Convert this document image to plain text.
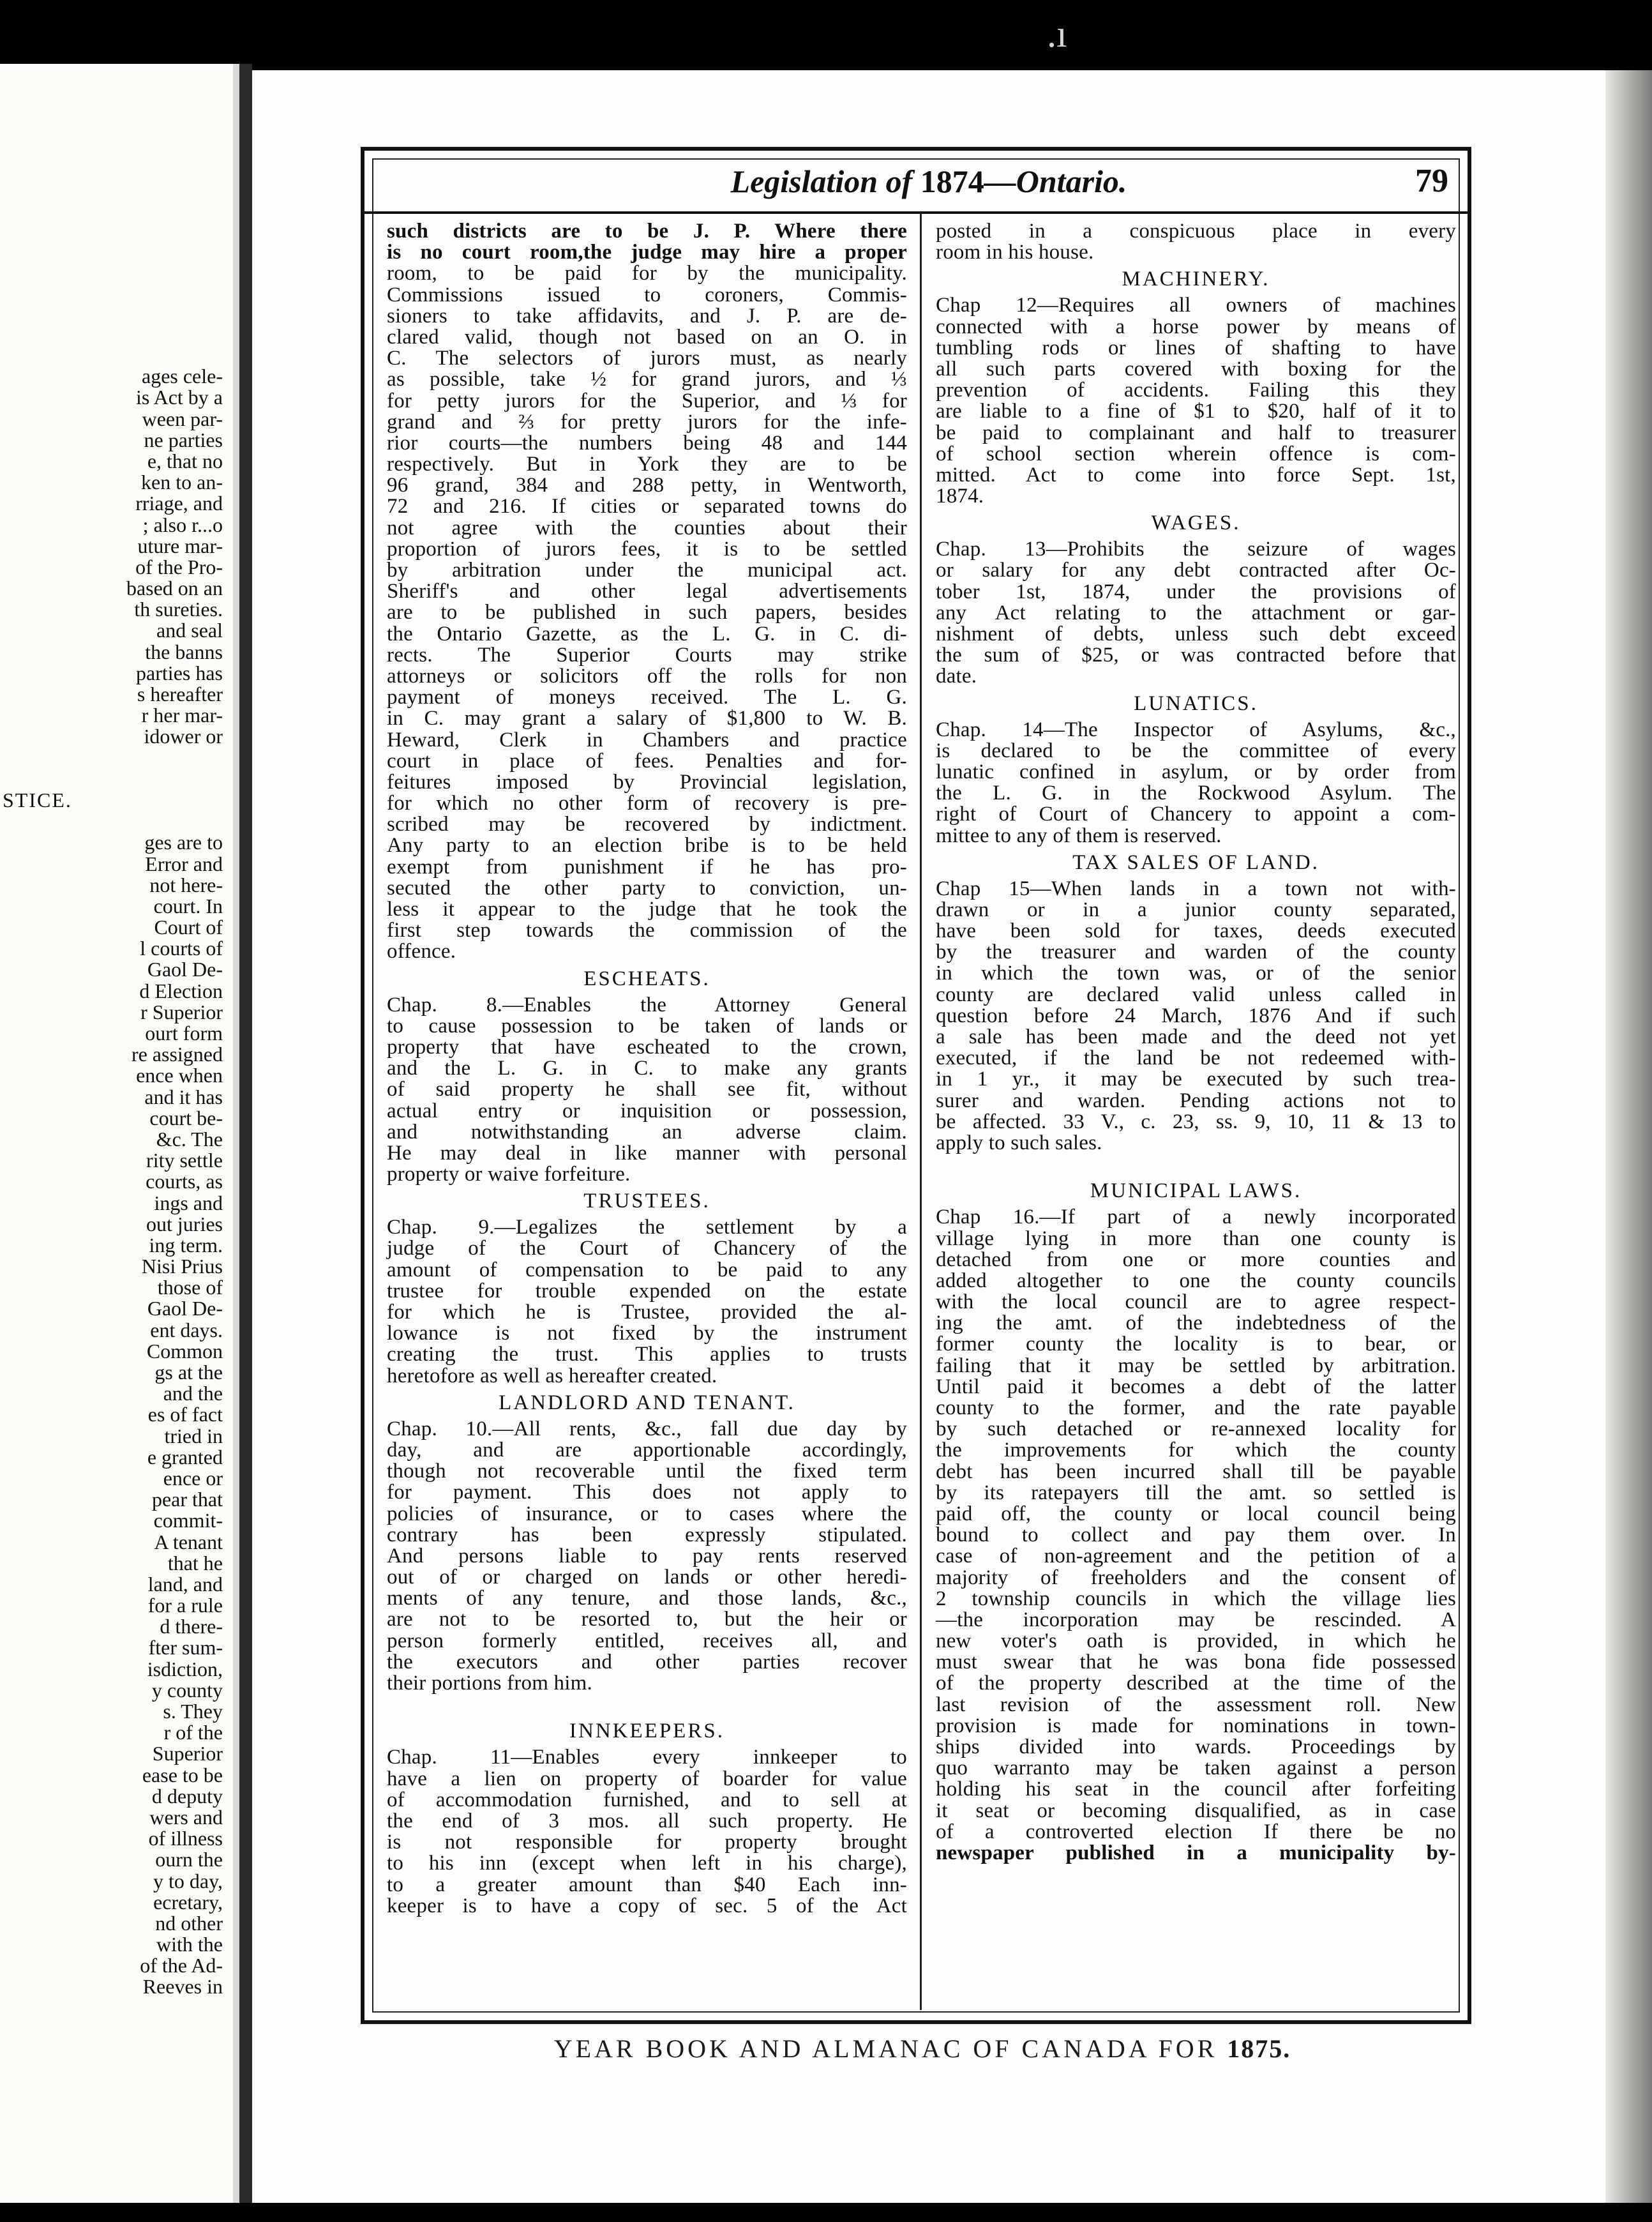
.ı
ages cele-
is Act by a
ween par-
ne parties
e, that no
ken to an-
rriage, and
; also r...o
uture mar-
of the Pro-
based on an
th sureties.
and seal
the banns
parties has
s hereafter
r her mar-
idower or
STICE.
ges are to
Error and
not here-
court. In
Court of
l courts of
Gaol De-
d Election
r Superior
ourt form
re assigned
ence when
and it has
court be-
&c. The
rity settle
courts, as
ings and
out juries
ing term.
Nisi Prius
those of
Gaol De-
ent days.
Common
gs at the
and the
es of fact
tried in
e granted
ence or
pear that
commit-
A tenant
that he
land, and
for a rule
d there-
fter sum-
isdiction,
y county
s. They
r of the
Superior
ease to be
d deputy
wers and
of illness
ourn the
y to day,
ecretary,
nd other
with the
of the Ad-
Reeves in
Legislation of 1874—Ontario.	79
such districts are to be J. P. Where there
is no court room,the judge may hire a proper
room, to be paid for by the municipality.
Commissions issued to coroners, Commis-
sioners to take affidavits, and J. P. are de-
clared valid, though not based on an O. in
C. The selectors of jurors must, as nearly
as possible, take ½ for grand jurors, and ⅓
for petty jurors for the Superior, and ⅓ for
grand and ⅔ for pretty jurors for the infe-
rior courts—the numbers being 48 and 144
respectively. But in York they are to be
96 grand, 384 and 288 petty, in Wentworth,
72 and 216. If cities or separated towns do
not agree with the counties about their
proportion of jurors fees, it is to be settled
by arbitration under the municipal act.
Sheriff's and other legal advertisements
are to be published in such papers, besides
the Ontario Gazette, as the L. G. in C. di-
rects. The Superior Courts may strike
attorneys or solicitors off the rolls for non
payment of moneys received. The L. G.
in C. may grant a salary of $1,800 to W. B.
Heward, Clerk in Chambers and practice
court in place of fees. Penalties and for-
feitures imposed by Provincial legislation,
for which no other form of recovery is pre-
scribed may be recovered by indictment.
Any party to an election bribe is to be held
exempt from punishment if he has pro-
secuted the other party to conviction, un-
less it appear to the judge that he took the
first step towards the commission of the
offence.
ESCHEATS.
Chap. 8.—Enables the Attorney General
to cause possession to be taken of lands or
property that have escheated to the crown,
and the L. G. in C. to make any grants
of said property he shall see fit, without
actual entry or inquisition or possession,
and notwithstanding an adverse claim.
He may deal in like manner with personal
property or waive forfeiture.
TRUSTEES.
Chap. 9.—Legalizes the settlement by a
judge of the Court of Chancery of the
amount of compensation to be paid to any
trustee for trouble expended on the estate
for which he is Trustee, provided the al-
lowance is not fixed by the instrument
creating the trust. This applies to trusts
heretofore as well as hereafter created.
LANDLORD AND TENANT.
Chap. 10.—All rents, &c., fall due day by
day, and are apportionable accordingly,
though not recoverable until the fixed term
for payment. This does not apply to
policies of insurance, or to cases where the
contrary has been expressly stipulated.
And persons liable to pay rents reserved
out of or charged on lands or other heredi-
ments of any tenure, and those lands, &c.,
are not to be resorted to, but the heir or
person formerly entitled, receives all, and
the executors and other parties recover
their portions from him.
INNKEEPERS.
Chap. 11—Enables every innkeeper to
have a lien on property of boarder for value
of accommodation furnished, and to sell at
the end of 3 mos. all such property. He
is not responsible for property brought
to his inn (except when left in his charge),
to a greater amount than $40 Each inn-
keeper is to have a copy of sec. 5 of the Act
posted in a conspicuous place in every
room in his house.
MACHINERY.
Chap 12—Requires all owners of machines
connected with a horse power by means of
tumbling rods or lines of shafting to have
all such parts covered with boxing for the
prevention of accidents. Failing this they
are liable to a fine of $1 to $20, half of it to
be paid to complainant and half to treasurer
of school section wherein offence is com-
mitted. Act to come into force Sept. 1st,
1874.
WAGES.
Chap. 13—Prohibits the seizure of wages
or salary for any debt contracted after Oc-
tober 1st, 1874, under the provisions of
any Act relating to the attachment or gar-
nishment of debts, unless such debt exceed
the sum of $25, or was contracted before that
date.
LUNATICS.
Chap. 14—The Inspector of Asylums, &c.,
is declared to be the committee of every
lunatic confined in asylum, or by order from
the L. G. in the Rockwood Asylum. The
right of Court of Chancery to appoint a com-
mittee to any of them is reserved.
TAX SALES OF LAND.
Chap 15—When lands in a town not with-
drawn or in a junior county separated,
have been sold for taxes, deeds executed
by the treasurer and warden of the county
in which the town was, or of the senior
county are declared valid unless called in
question before 24 March, 1876 And if such
a sale has been made and the deed not yet
executed, if the land be not redeemed with-
in 1 yr., it may be executed by such trea-
surer and warden. Pending actions not to
be affected. 33 V., c. 23, ss. 9, 10, 11 & 13 to
apply to such sales.
MUNICIPAL LAWS.
Chap 16.—If part of a newly incorporated
village lying in more than one county is
detached from one or more counties and
added altogether to one the county councils
with the local council are to agree respect-
ing the amt. of the indebtedness of the
former county the locality is to bear, or
failing that it may be settled by arbitration.
Until paid it becomes a debt of the latter
county to the former, and the rate payable
by such detached or re-annexed locality for
the improvements for which the county
debt has been incurred shall till be payable
by its ratepayers till the amt. so settled is
paid off, the county or local council being
bound to collect and pay them over. In
case of non-agreement and the petition of a
majority of freeholders and the consent of
2 township councils in which the village lies
—the incorporation may be rescinded. A
new voter's oath is provided, in which he
must swear that he was bona fide possessed
of the property described at the time of the
last revision of the assessment roll. New
provision is made for nominations in town-
ships divided into wards. Proceedings by
quo warranto may be taken against a person
holding his seat in the council after forfeiting
it seat or becoming disqualified, as in case
of a controverted election If there be no
newspaper published in a municipality by-
YEAR BOOK AND ALMANAC OF CANADA FOR 1875.
